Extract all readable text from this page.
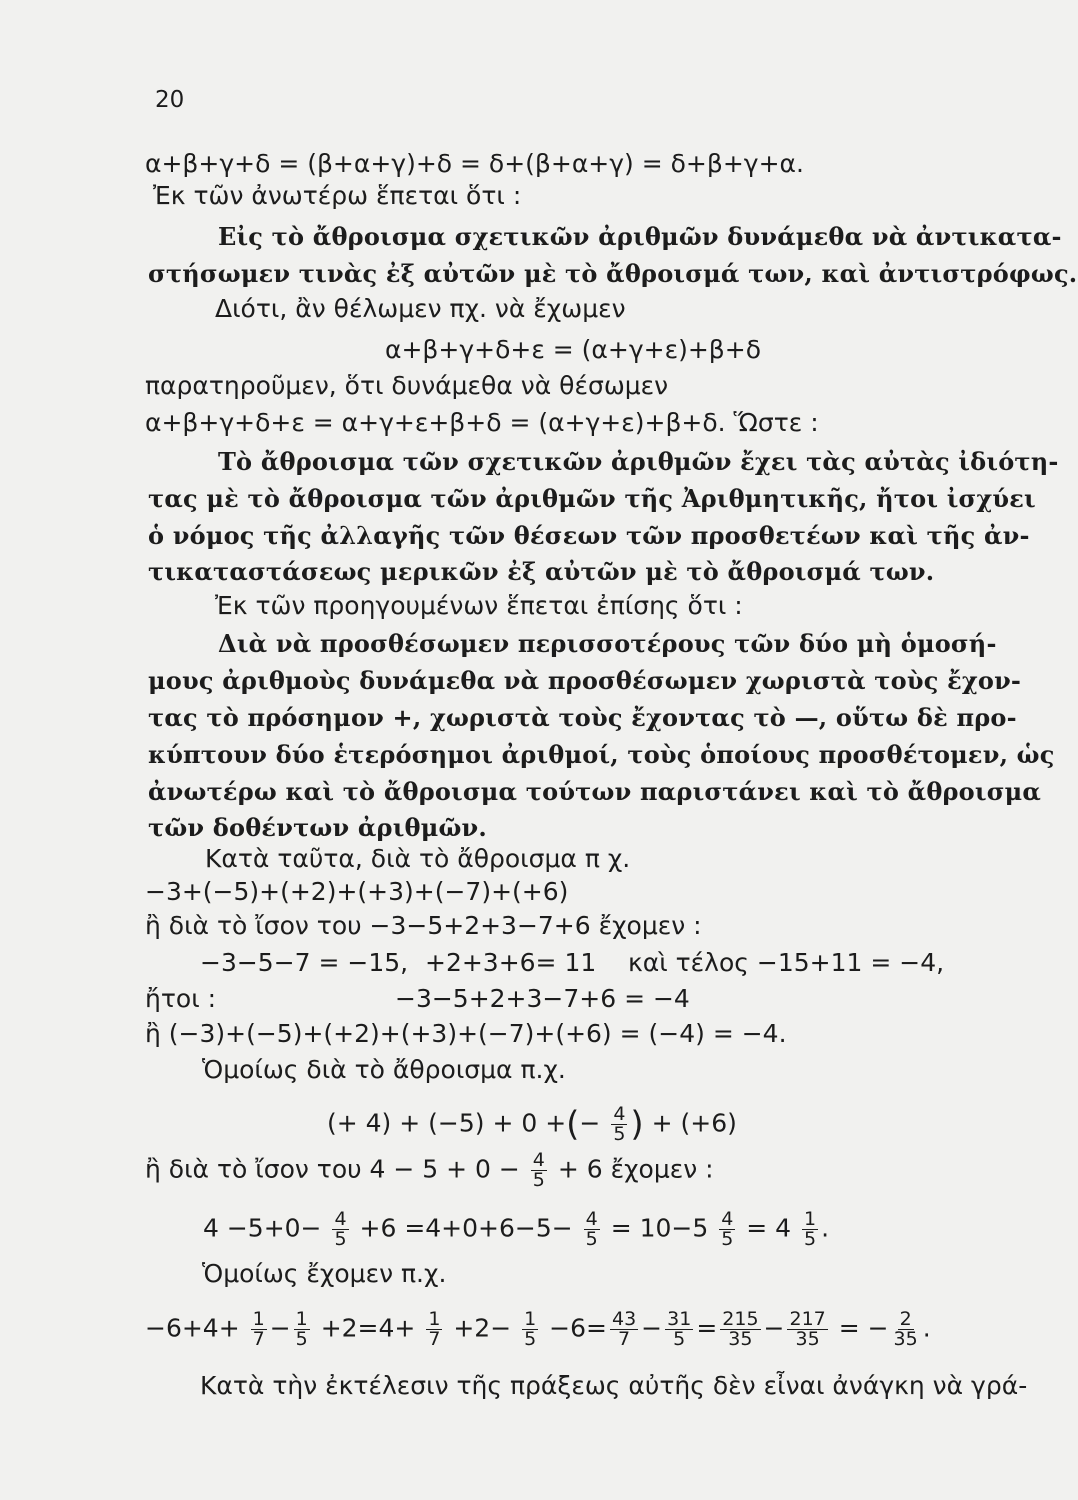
20
α+β+γ+δ = (β+α+γ)+δ = δ+(β+α+γ) = δ+β+γ+α.
Ἐκ τῶν ἀνωτέρω ἕπεται ὅτι :
Εἰς τὸ ἄθροισμα σχετικῶν ἀριθμῶν δυνάμεθα νὰ ἀντικατα-
στήσωμεν τινὰς ἐξ αὐτῶν μὲ τὸ ἄθροισμά των, καὶ ἀντιστρόφως.
Διότι, ἂν θέλωμεν πχ. νὰ ἔχωμεν
α+β+γ+δ+ε = (α+γ+ε)+β+δ
παρατηροῦμεν, ὅτι δυνάμεθα νὰ θέσωμεν
α+β+γ+δ+ε = α+γ+ε+β+δ = (α+γ+ε)+β+δ. Ὥστε :
Τὸ ἄθροισμα τῶν σχετικῶν ἀριθμῶν ἔχει τὰς αὐτὰς ἰδιότη-
τας μὲ τὸ ἄθροισμα τῶν ἀριθμῶν τῆς Ἀριθμητικῆς, ἤτοι ἰσχύει
ὁ νόμος τῆς ἀλλαγῆς τῶν θέσεων τῶν προσθετέων καὶ τῆς ἀν-
τικαταστάσεως μερικῶν ἐξ αὐτῶν μὲ τὸ ἄθροισμά των.
Ἐκ τῶν προηγουμένων ἕπεται ἐπίσης ὅτι :
Διὰ νὰ προσθέσωμεν περισσοτέρους τῶν δύο μὴ ὁμοσή-
μους ἀριθμοὺς δυνάμεθα νὰ προσθέσωμεν χωριστὰ τοὺς ἔχον-
τας τὸ πρόσημον +, χωριστὰ τοὺς ἔχοντας τὸ —, οὕτω δὲ προ-
κύπτουν δύο ἑτερόσημοι ἀριθμοί, τοὺς ὁποίους προσθέτομεν, ὡς
ἀνωτέρω καὶ τὸ ἄθροισμα τούτων παριστάνει καὶ τὸ ἄθροισμα
τῶν δοθέντων ἀριθμῶν.
Κατὰ ταῦτα, διὰ τὸ ἄθροισμα π χ.
−3+(−5)+(+2)+(+3)+(−7)+(+6)
ἢ διὰ τὸ ἴσον του −3−5+2+3−7+6 ἔχομεν :
−3−5−7 = −15, +2+3+6= 11 καὶ τέλος −15+11 = −4,
ἤτοι :	−3−5+2+3−7+6 = −4
ἢ (−3)+(−5)+(+2)+(+3)+(−7)+(+6) = (−4) = −4.
Ὁμοίως διὰ τὸ ἄθροισμα π.χ.
(+ 4) + (−5) + 0 +(− $\frac{4}{5}$ ) + (+6)
ἢ διὰ τὸ ἴσον του $4 - 5 + 0 - \frac{4}{5} + 6$ ἔχομεν :
$4 -5+0- \frac{4}{5} +6 =4+0+6-5- \frac{4}{5} = 10-5 \frac{4}{5} = 4 \frac{1}{5}$ .
Ὁμοίως ἔχομεν π.χ.
$-6+4+ \frac{1}{7} - \frac{1}{5} +2=4+ \frac{1}{7} +2- \frac{1}{5} -6= \frac{43}{7} - \frac{31}{5} = \frac{215}{35} - \frac{217}{35}$ = − $\frac{2}{35}$ .
Κατὰ τὴν ἐκτέλεσιν τῆς πράξεως αὐτῆς δὲν εἶναι ἀνάγκη νὰ γρά-
